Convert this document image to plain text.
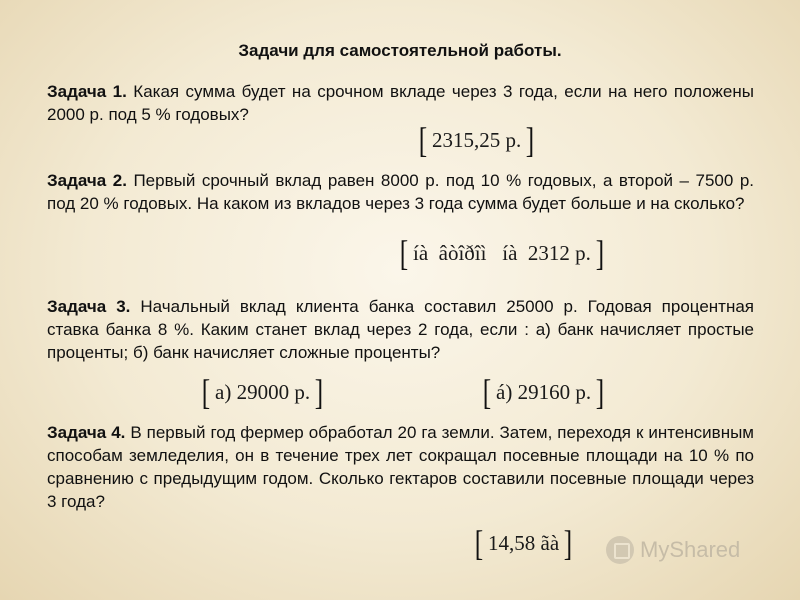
Задачи для самостоятельной работы.
Задача 1. Какая сумма будет на срочном вкладе через 3 года, если на него положены 2000 р. под 5 % годовых?
[ 2315,25 р. ]
Задача 2. Первый срочный вклад равен 8000 р. под 10 % годовых, а второй – 7500 р. под 20 % годовых. На каком из вкладов через 3 года сумма будет больше и на сколько?
[ íà  âòîðîì   íà  2312 р. ]
Задача 3. Начальный вклад клиента банка составил 25000 р. Годовая процентная ставка банка 8 %. Каким станет вклад через 2 года, если : а) банк начисляет простые проценты; б) банк начисляет сложные проценты?
[ а) 29000 р. ]	[ á) 29160 р. ]
Задача 4. В первый год фермер обработал 20 га земли. Затем, переходя к интенсивным способам земледелия, он в течение трех лет сокращал посевные площади на 10 % по сравнению с предыдущим годом. Сколько гектаров составили посевные площади через 3 года?
[ 14,58 ãà ]	MyShared
